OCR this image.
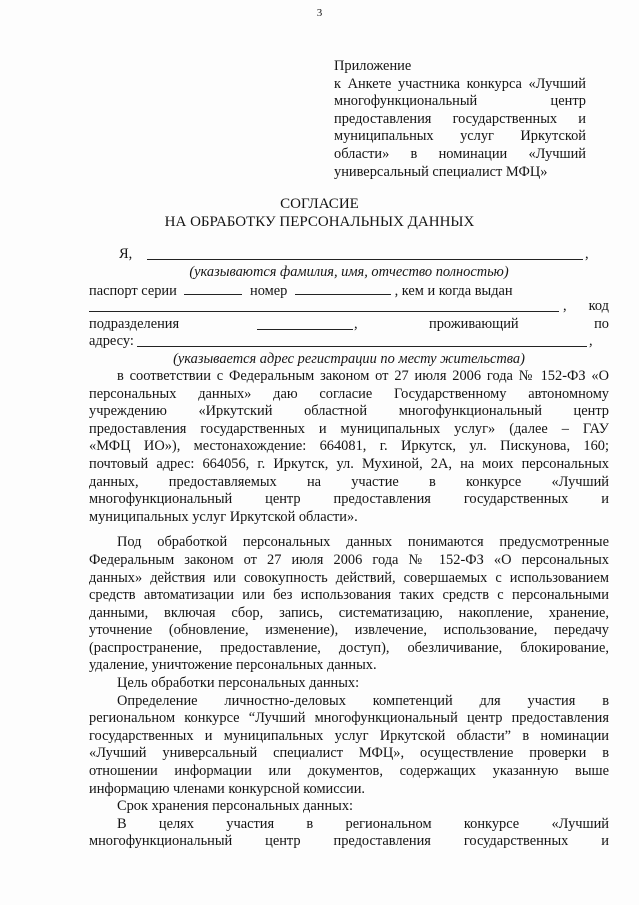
3
Приложение
к Анкете участника конкурса «Лучший
многофункциональный центр
предоставления государственных и
муниципальных услуг Иркутской
области» в номинации «Лучший
универсальный специалист МФЦ»
СОГЛАСИЕ
НА ОБРАБОТКУ ПЕРСОНАЛЬНЫХ ДАННЫХ
Я,	,
(указываются фамилия, имя, отчество полностью)
паспорт серии	номер	, кем и когда выдан
, код
подразделения	,	проживающий	по
адресу:	,
(указывается адрес регистрации по месту жительства)
в соответствии с Федеральным законом от 27 июля 2006 года № 152-ФЗ «О
персональных данных» даю согласие Государственному автономному
учреждению «Иркутский областной многофункциональный центр
предоставления государственных и муниципальных услуг» (далее – ГАУ
«МФЦ ИО»), местонахождение: 664081, г. Иркутск, ул. Пискунова, 160;
почтовый адрес: 664056, г. Иркутск, ул. Мухиной, 2А, на моих персональных
данных, предоставляемых на участие в конкурсе «Лучший
многофункциональный центр предоставления государственных и
муниципальных услуг Иркутской области».
Под обработкой персональных данных понимаются предусмотренные
Федеральным законом от 27 июля 2006 года № 152-ФЗ «О персональных
данных» действия или совокупность действий, совершаемых с использованием
средств автоматизации или без использования таких средств с персональными
данными, включая сбор, запись, систематизацию, накопление, хранение,
уточнение (обновление, изменение), извлечение, использование, передачу
(распространение, предоставление, доступ), обезличивание, блокирование,
удаление, уничтожение персональных данных.
Цель обработки персональных данных:
Определение личностно-деловых компетенций для участия в
региональном конкурсе “Лучший многофункциональный центр предоставления
государственных и муниципальных услуг Иркутской области” в номинации
«Лучший универсальный специалист МФЦ», осуществление проверки в
отношении информации или документов, содержащих указанную выше
информацию членами конкурсной комиссии.
Срок хранения персональных данных:
В целях участия в региональном конкурсе «Лучший
многофункциональный центр предоставления государственных и
